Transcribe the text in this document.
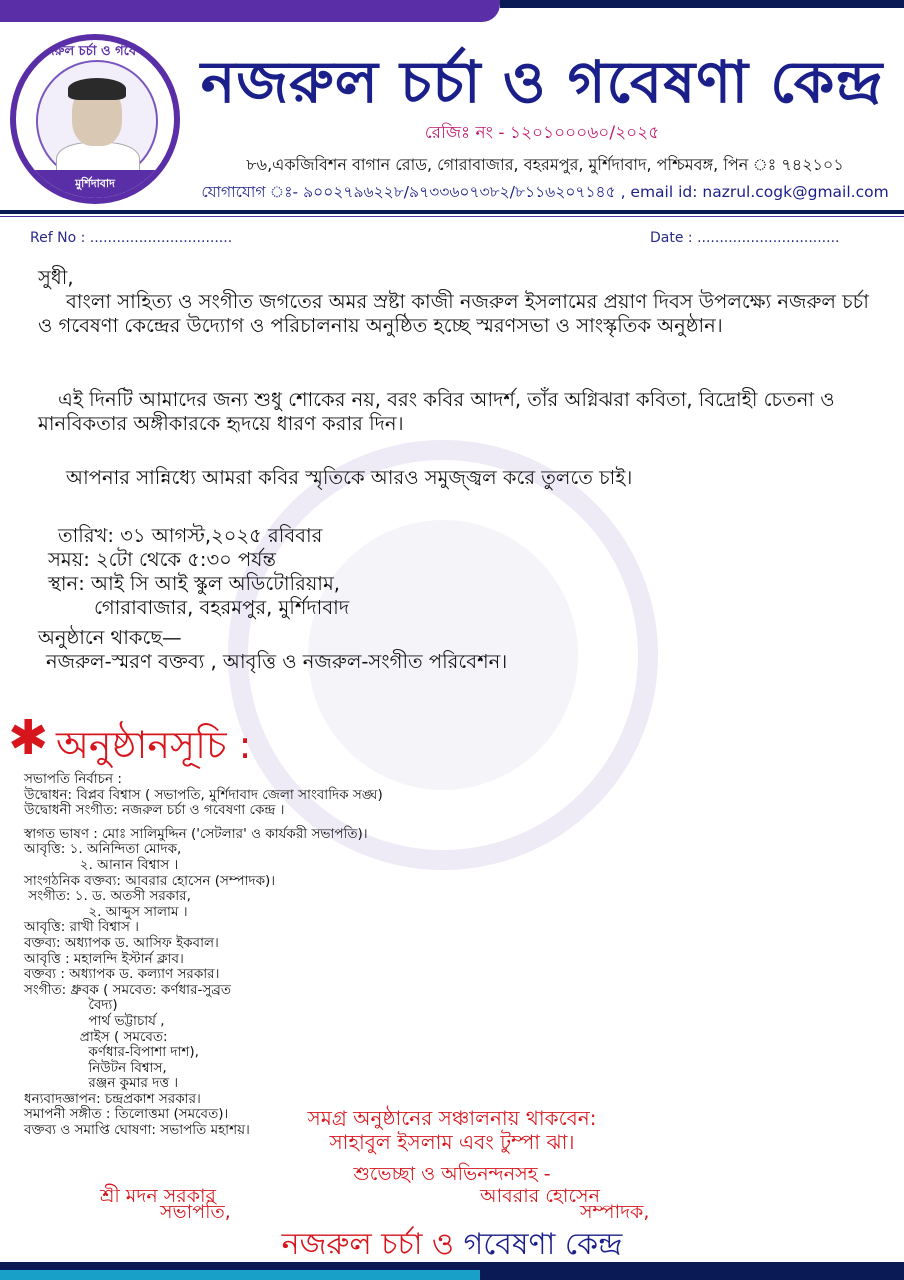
নজরুল চর্চা ও গবেষণা
মুর্শিদাবাদ
নজরুল চর্চা ও গবেষণা কেন্দ্র
রেজিঃ নং - ১২০১০০০৬০/২০২৫
৮৬,একজিবিশন বাগান রোড, গোরাবাজার, বহরমপুর, মুর্শিদাবাদ, পশ্চিমবঙ্গ, পিন ঃ ৭৪২১০১
যোগাযোগ ঃ- ৯০০২৭৯৬২২৮/৯৭৩৩৬০৭৩৮২/৮১১৬২০৭১৪৫ , email id: nazrul.cogk@gmail.com
Ref No : ................................	Date : ................................
সুধী,
বাংলা সাহিত্য ও সংগীত জগতের অমর স্রষ্টা কাজী নজরুল ইসলামের প্রয়াণ দিবস উপলক্ষ্যে নজরুল চর্চা ও গবেষণা কেন্দ্রের উদ্যোগ ও পরিচালনায় অনুষ্ঠিত হচ্ছে স্মরণসভা ও সাংস্কৃতিক অনুষ্ঠান।
এই দিনটি আমাদের জন্য শুধু শোকের নয়, বরং কবির আদর্শ, তাঁর অগ্নিঝরা কবিতা, বিদ্রোহী চেতনা ও মানবিকতার অঙ্গীকারকে হৃদয়ে ধারণ করার দিন।
আপনার সান্নিধ্যে আমরা কবির স্মৃতিকে আরও সমুজ্জ্বল করে তুলতে চাই।
তারিখ: ৩১ আগস্ট,২০২৫ রবিবার
সময়: ২টো থেকে ৫:৩০ পর্যন্ত
স্থান: আই সি আই স্কুল অডিটোরিয়াম,
গোরাবাজার, বহরমপুর, মুর্শিদাবাদ
অনুষ্ঠানে থাকছে—
নজরুল-স্মরণ বক্তব্য , আবৃত্তি ও নজরুল-সংগীত পরিবেশন।
✱ অনুষ্ঠানসূচি :
সভাপতি নির্বাচন :
উদ্বোধন: বিপ্লব বিশ্বাস ( সভাপতি, মুর্শিদাবাদ জেলা সাংবাদিক সঙ্ঘ)
উদ্বোধনী সংগীত: নজরুল চর্চা ও গবেষণা কেন্দ্র ।
স্বাগত ভাষণ : মোঃ সালিমুদ্দিন ('সেটলার' ও কার্যকরী সভাপতি)।
আবৃত্তি: ১. অনিন্দিতা মোদক,
২. আনান বিশ্বাস ।
সাংগঠনিক বক্তব্য: আবরার হোসেন (সম্পাদক)।
সংগীত: ১. ড. অতসী সরকার,
২. আব্দুস সালাম ।
আবৃত্তি: রাখী বিশ্বাস ।
বক্তব্য: অধ্যাপক ড. আসিফ ইকবাল।
আবৃত্তি : মহালন্দি ইস্টার্ন ক্লাব।
বক্তব্য : অধ্যাপক ড. কল্যাণ সরকার।
সংগীত: ধ্রুবক ( সমবেত: কর্ণধার-সুব্রত
বৈদ্য)
পার্থ ভট্টাচার্য ,
প্রাইস ( সমবেত:
কর্ণধার-বিপাশা দাশ),
নিউটন বিশ্বাস,
রঞ্জন কুমার দত্ত ।
ধন্যবাদজ্ঞাপন: চন্দ্রপ্রকাশ সরকার।
সমাপনী সঙ্গীত : তিলোত্তমা (সমবেত)।
বক্তব্য ও সমাপ্তি ঘোষণা: সভাপতি মহাশয়।
সমগ্র অনুষ্ঠানের সঞ্চালনায় থাকবেন:
সাহাবুল ইসলাম এবং টুম্পা ঝা।
শুভেচ্ছা ও অভিনন্দনসহ -
শ্রী মদন সরকার	আবরার হোসেন
সভাপতি,	সম্পাদক,
নজরুল চর্চা ও গবেষণা কেন্দ্র
